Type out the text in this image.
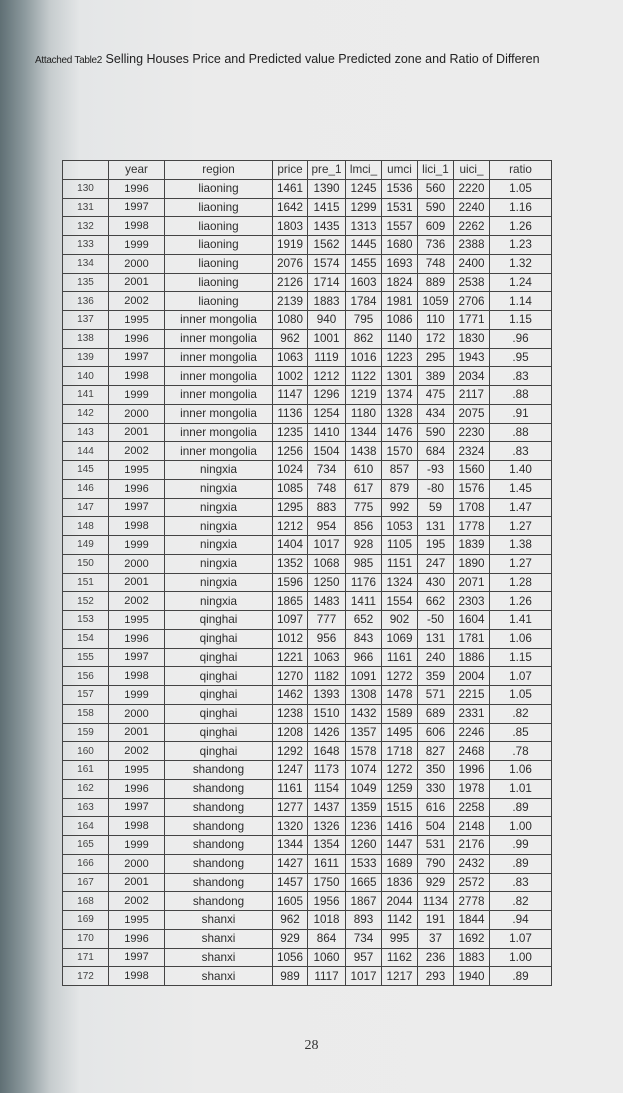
Attached Table2 Selling Houses Price and Predicted value Predicted zone and Ratio of Differen
	year	region	price	pre_1	lmci_	umci	lici_1	uici_	ratio
130	1996	liaoning	1461	1390	1245	1536	560	2220	1.05
131	1997	liaoning	1642	1415	1299	1531	590	2240	1.16
132	1998	liaoning	1803	1435	1313	1557	609	2262	1.26
133	1999	liaoning	1919	1562	1445	1680	736	2388	1.23
134	2000	liaoning	2076	1574	1455	1693	748	2400	1.32
135	2001	liaoning	2126	1714	1603	1824	889	2538	1.24
136	2002	liaoning	2139	1883	1784	1981	1059	2706	1.14
137	1995	inner mongolia	1080	940	795	1086	110	1771	1.15
138	1996	inner mongolia	962	1001	862	1140	172	1830	.96
139	1997	inner mongolia	1063	1119	1016	1223	295	1943	.95
140	1998	inner mongolia	1002	1212	1122	1301	389	2034	.83
141	1999	inner mongolia	1147	1296	1219	1374	475	2117	.88
142	2000	inner mongolia	1136	1254	1180	1328	434	2075	.91
143	2001	inner mongolia	1235	1410	1344	1476	590	2230	.88
144	2002	inner mongolia	1256	1504	1438	1570	684	2324	.83
145	1995	ningxia	1024	734	610	857	-93	1560	1.40
146	1996	ningxia	1085	748	617	879	-80	1576	1.45
147	1997	ningxia	1295	883	775	992	59	1708	1.47
148	1998	ningxia	1212	954	856	1053	131	1778	1.27
149	1999	ningxia	1404	1017	928	1105	195	1839	1.38
150	2000	ningxia	1352	1068	985	1151	247	1890	1.27
151	2001	ningxia	1596	1250	1176	1324	430	2071	1.28
152	2002	ningxia	1865	1483	1411	1554	662	2303	1.26
153	1995	qinghai	1097	777	652	902	-50	1604	1.41
154	1996	qinghai	1012	956	843	1069	131	1781	1.06
155	1997	qinghai	1221	1063	966	1161	240	1886	1.15
156	1998	qinghai	1270	1182	1091	1272	359	2004	1.07
157	1999	qinghai	1462	1393	1308	1478	571	2215	1.05
158	2000	qinghai	1238	1510	1432	1589	689	2331	.82
159	2001	qinghai	1208	1426	1357	1495	606	2246	.85
160	2002	qinghai	1292	1648	1578	1718	827	2468	.78
161	1995	shandong	1247	1173	1074	1272	350	1996	1.06
162	1996	shandong	1161	1154	1049	1259	330	1978	1.01
163	1997	shandong	1277	1437	1359	1515	616	2258	.89
164	1998	shandong	1320	1326	1236	1416	504	2148	1.00
165	1999	shandong	1344	1354	1260	1447	531	2176	.99
166	2000	shandong	1427	1611	1533	1689	790	2432	.89
167	2001	shandong	1457	1750	1665	1836	929	2572	.83
168	2002	shandong	1605	1956	1867	2044	1134	2778	.82
169	1995	shanxi	962	1018	893	1142	191	1844	.94
170	1996	shanxi	929	864	734	995	37	1692	1.07
171	1997	shanxi	1056	1060	957	1162	236	1883	1.00
172	1998	shanxi	989	1117	1017	1217	293	1940	.89
28
